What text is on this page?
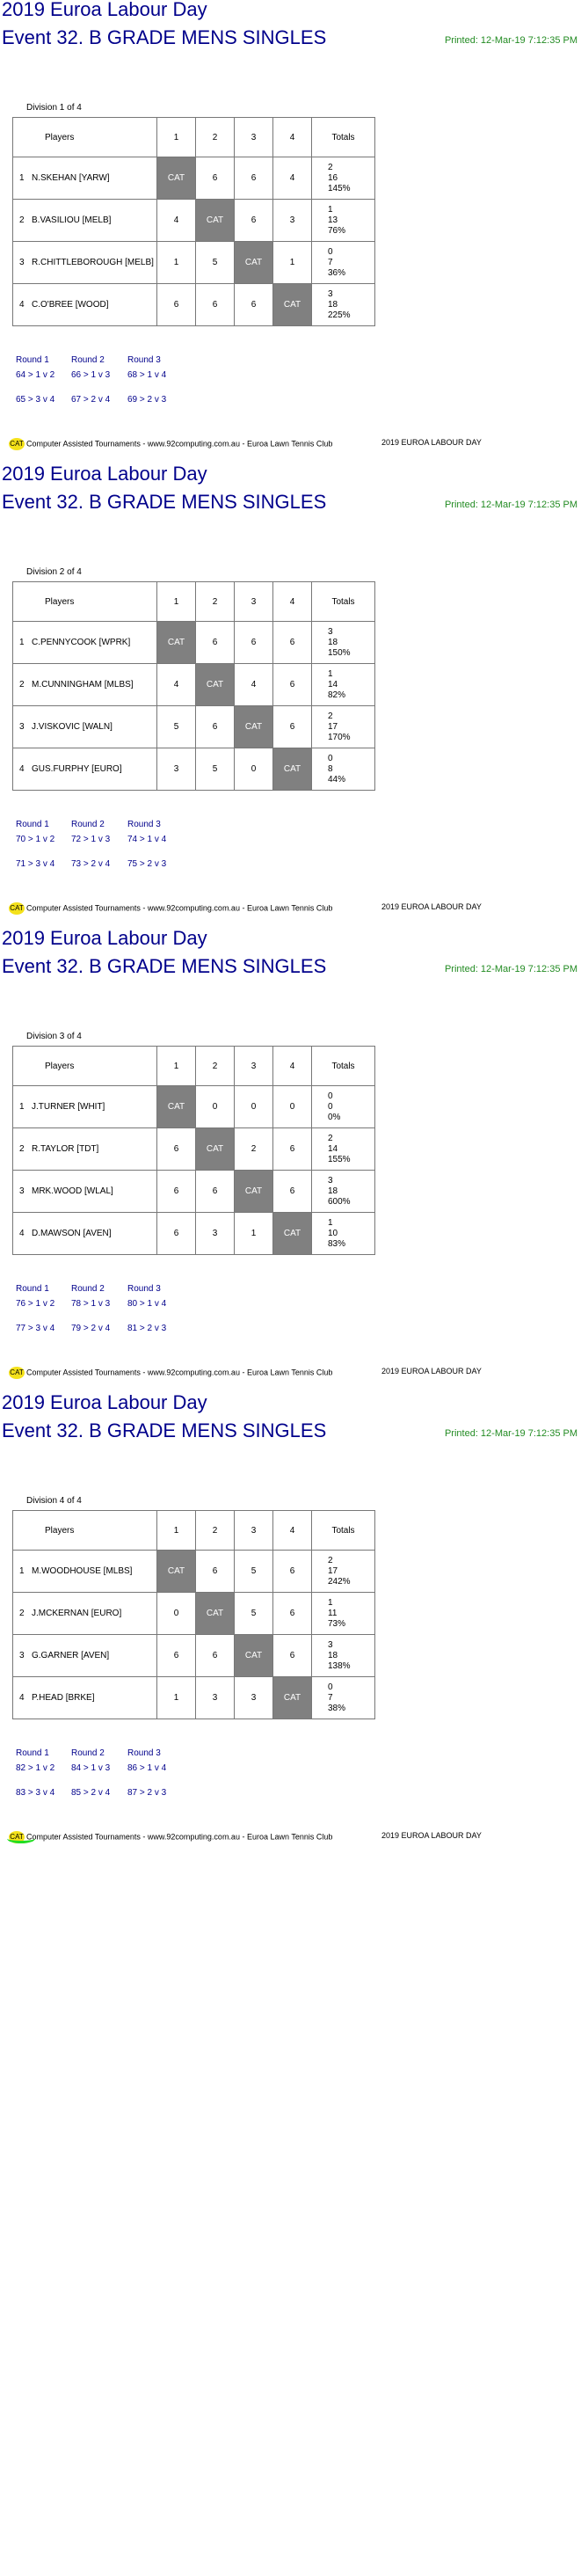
2019 Euroa Labour Day
Event 32. B GRADE MENS SINGLES	Printed: 12-Mar-19 7:12:35 PM
Division 1 of 4
Players	1	2	3	4	Totals
1 N.SKEHAN [YARW]	CAT	6	6	4	2
16
145%

2 B.VASILIOU [MELB]	4	CAT	6	3	1
13
76%

3 R.CHITTLEBOROUGH [MELB]	1	5	CAT	1	0
7
36%

4 C.O'BREE [WOOD]	6	6	6	CAT	3
18
225%
Round 1
64 > 1 v 2
65 > 3 v 4
Round 2
66 > 1 v 3
67 > 2 v 4
Round 3
68 > 1 v 4
69 > 2 v 3
CAT Computer Assisted Tournaments - www.92computing.com.au - Euroa Lawn Tennis Club	2019 EUROA LABOUR DAY
2019 Euroa Labour Day
Event 32. B GRADE MENS SINGLES	Printed: 12-Mar-19 7:12:35 PM
Division 2 of 4
Players	1	2	3	4	Totals
1 C.PENNYCOOK [WPRK]	CAT	6	6	6	3
18
150%

2 M.CUNNINGHAM [MLBS]	4	CAT	4	6	1
14
82%

3 J.VISKOVIC [WALN]	5	6	CAT	6	2
17
170%

4 GUS.FURPHY [EURO]	3	5	0	CAT	0
8
44%
Round 1
70 > 1 v 2
71 > 3 v 4
Round 2
72 > 1 v 3
73 > 2 v 4
Round 3
74 > 1 v 4
75 > 2 v 3
CAT Computer Assisted Tournaments - www.92computing.com.au - Euroa Lawn Tennis Club	2019 EUROA LABOUR DAY
2019 Euroa Labour Day
Event 32. B GRADE MENS SINGLES	Printed: 12-Mar-19 7:12:35 PM
Division 3 of 4
Players	1	2	3	4	Totals
1 J.TURNER [WHIT]	CAT	0	0	0	0
0
0%

2 R.TAYLOR [TDT]	6	CAT	2	6	2
14
155%

3 MRK.WOOD [WLAL]	6	6	CAT	6	3
18
600%

4 D.MAWSON [AVEN]	6	3	1	CAT	1
10
83%
Round 1
76 > 1 v 2
77 > 3 v 4
Round 2
78 > 1 v 3
79 > 2 v 4
Round 3
80 > 1 v 4
81 > 2 v 3
CAT Computer Assisted Tournaments - www.92computing.com.au - Euroa Lawn Tennis Club	2019 EUROA LABOUR DAY
2019 Euroa Labour Day
Event 32. B GRADE MENS SINGLES	Printed: 12-Mar-19 7:12:35 PM
Division 4 of 4
Players	1	2	3	4	Totals
1 M.WOODHOUSE [MLBS]	CAT	6	5	6	2
17
242%

2 J.MCKERNAN [EURO]	0	CAT	5	6	1
11
73%

3 G.GARNER [AVEN]	6	6	CAT	6	3
18
138%

4 P.HEAD [BRKE]	1	3	3	CAT	0
7
38%
Round 1
82 > 1 v 2
83 > 3 v 4
Round 2
84 > 1 v 3
85 > 2 v 4
Round 3
86 > 1 v 4
87 > 2 v 3
CAT Computer Assisted Tournaments - www.92computing.com.au - Euroa Lawn Tennis Club	2019 EUROA LABOUR DAY
